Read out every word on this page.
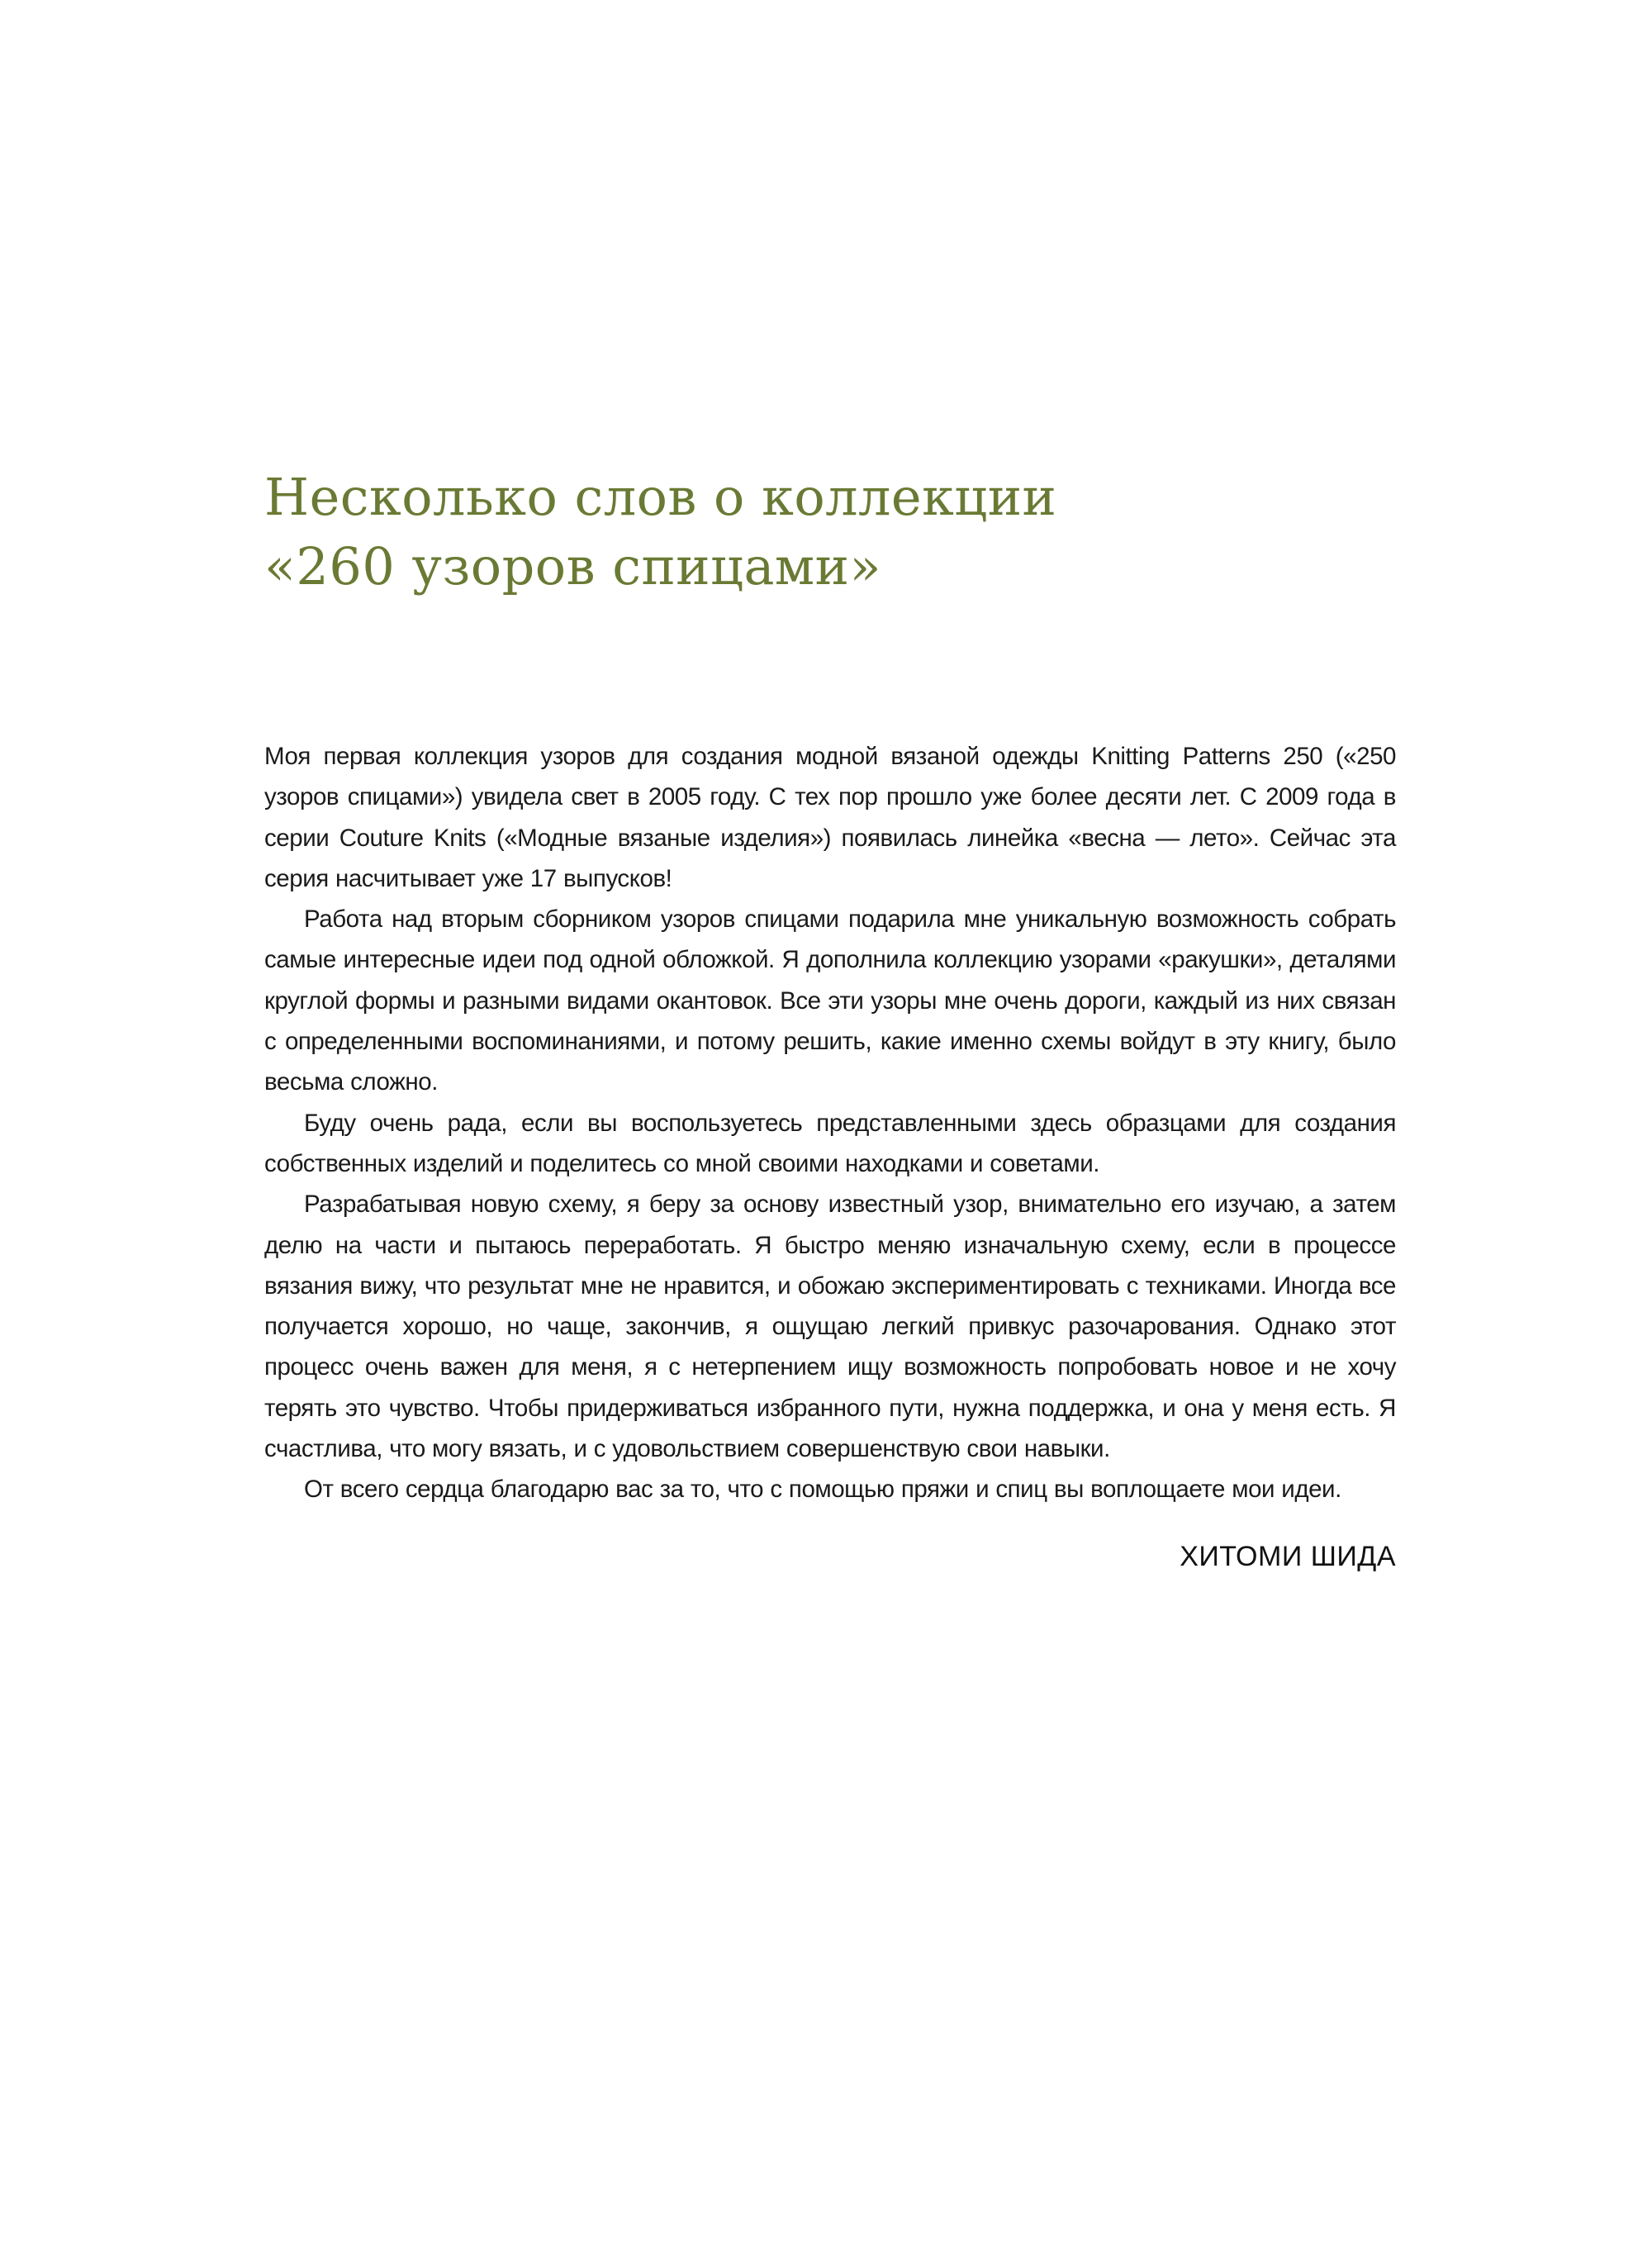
Несколько слов о коллекции
«260 узоров спицами»

Моя первая коллекция узоров для создания модной вязаной одежды Knitting Patterns 250 («250 узоров спицами») увидела свет в 2005 году. С тех пор прошло уже более десяти лет. С 2009 года в серии Couture Knits («Модные вязаные изделия») появилась линейка «весна — лето». Сейчас эта серия насчитывает уже 17 выпусков!

Работа над вторым сборником узоров спицами подарила мне уникальную возможность собрать самые интересные идеи под одной обложкой. Я дополнила коллекцию узорами «ракушки», деталями круглой формы и разными видами окантовок. Все эти узоры мне очень дороги, каждый из них связан с определенными воспоминаниями, и потому решить, какие именно схемы войдут в эту книгу, было весьма сложно.

Буду очень рада, если вы воспользуетесь представленными здесь образцами для создания собственных изделий и поделитесь со мной своими находками и советами.

Разрабатывая новую схему, я беру за основу известный узор, внимательно его изучаю, а затем делю на части и пытаюсь переработать. Я быстро меняю изначальную схему, если в процессе вязания вижу, что результат мне не нравится, и обожаю экспериментировать с техниками. Иногда все получается хорошо, но чаще, закончив, я ощущаю легкий привкус разочарования. Однако этот процесс очень важен для меня, я с нетерпением ищу возможность попробовать новое и не хочу терять это чувство. Чтобы придерживаться избранного пути, нужна поддержка, и она у меня есть. Я счастлива, что могу вязать, и с удовольствием совершенствую свои навыки.

От всего сердца благодарю вас за то, что с помощью пряжи и спиц вы воплощаете мои идеи.

ХИТОМИ ШИДА
